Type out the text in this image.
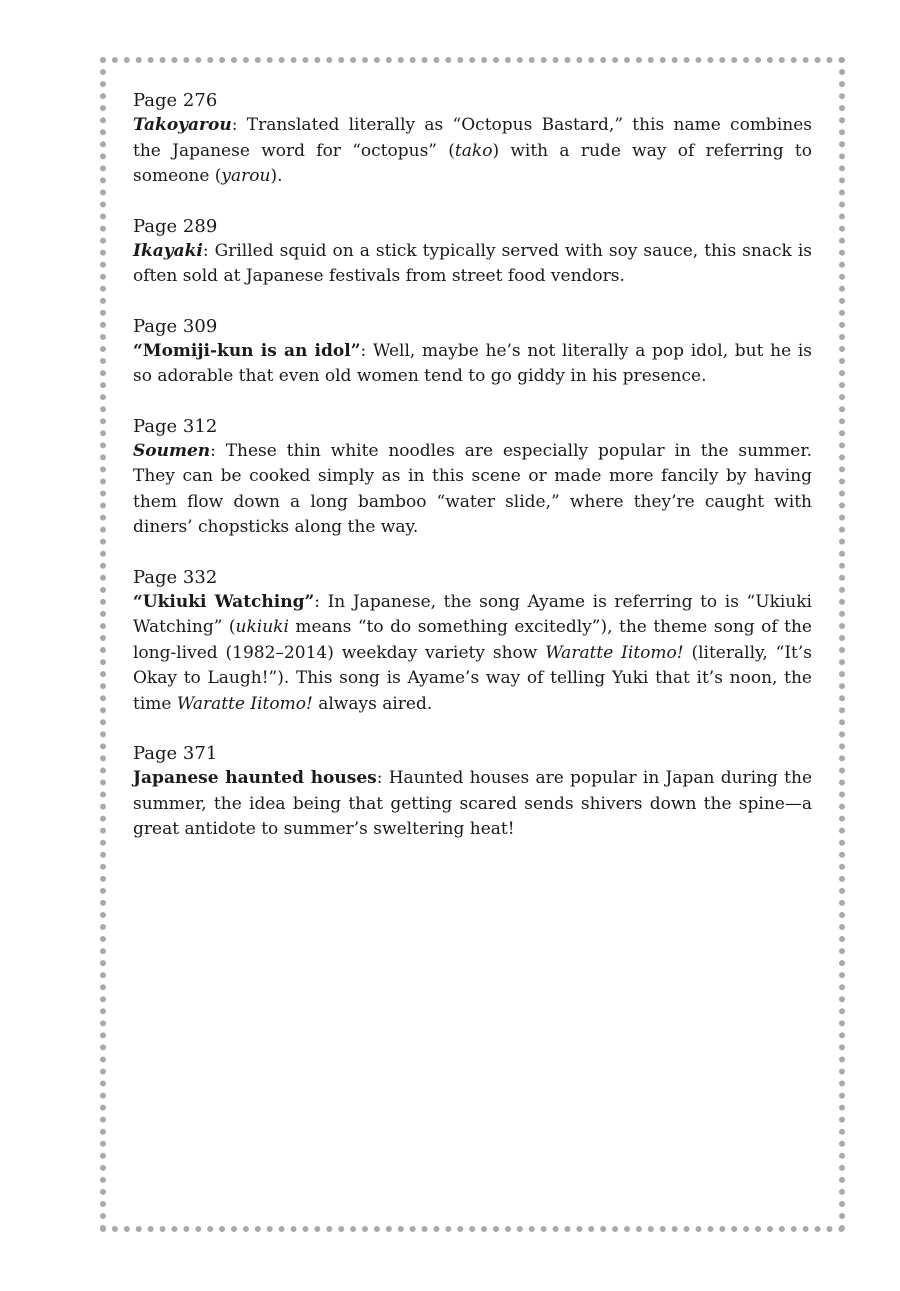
Page 276

Takoyarou: Translated literally as “Octopus Bastard,” this name combines the Japanese word for “octopus” (tako) with a rude way of referring to someone (yarou).

Page 289

Ikayaki: Grilled squid on a stick typically served with soy sauce, this snack is often sold at Japanese festivals from street food vendors.

Page 309

“Momiji-kun is an idol”: Well, maybe he’s not literally a pop idol, but he is so adorable that even old women tend to go giddy in his presence.

Page 312

Soumen: These thin white noodles are especially popular in the summer. They can be cooked simply as in this scene or made more fancily by having them flow down a long bamboo “water slide,” where they’re caught with diners’ chopsticks along the way.

Page 332

“Ukiuki Watching”: In Japanese, the song Ayame is referring to is “Ukiuki Watching” (ukiuki means “to do something excitedly”), the theme song of the long-lived (1982–2014) weekday variety show Waratte Iitomo! (literally, “It’s Okay to Laugh!”). This song is Ayame’s way of telling Yuki that it’s noon, the time Waratte Iitomo! always aired.

Page 371

Japanese haunted houses: Haunted houses are popular in Japan during the summer, the idea being that getting scared sends shivers down the spine—a great antidote to summer’s sweltering heat!
